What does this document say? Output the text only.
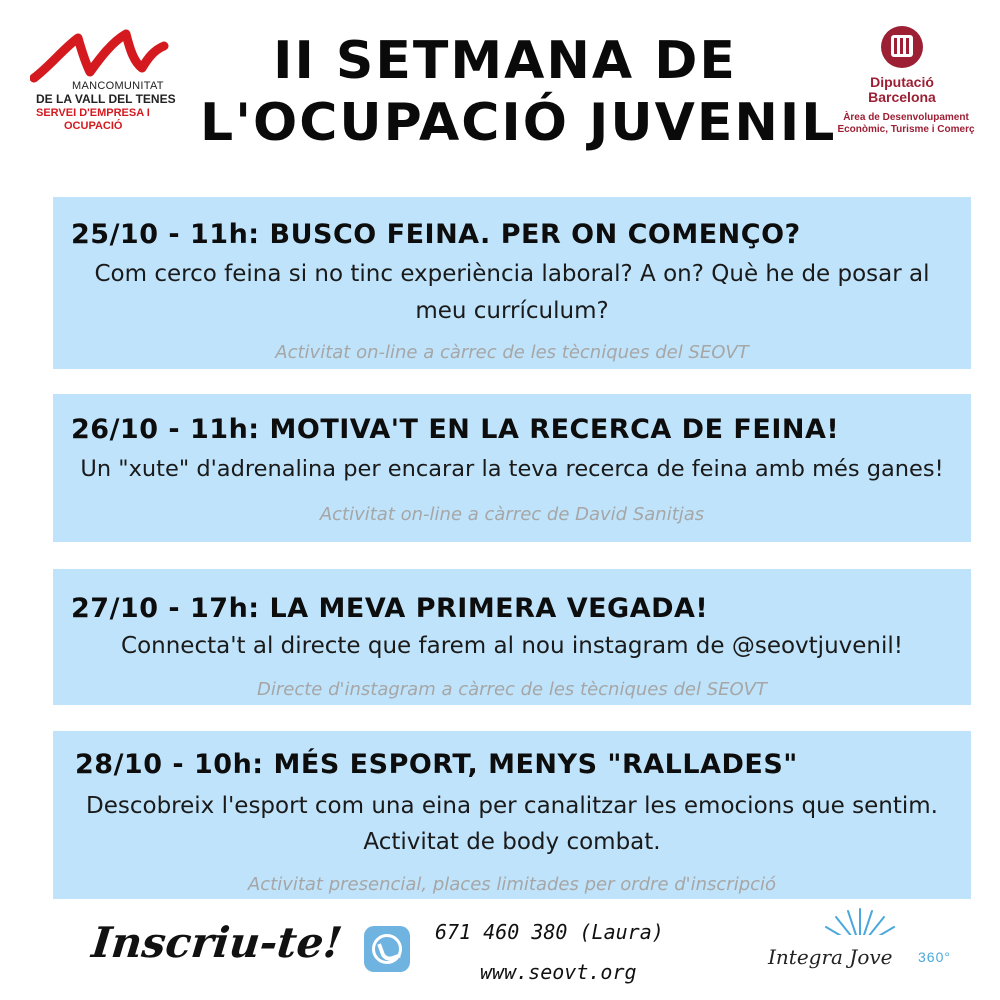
MANCOMUNITAT
DE LA VALL DEL TENES
SERVEI D'EMPRESA I
OCUPACIÓ
II SETMANA DE
L'OCUPACIÓ JUVENIL
Diputació
Barcelona
Àrea de Desenvolupament
Econòmic, Turisme i Comerç
25/10 - 11h: BUSCO FEINA. PER ON COMENÇO?
Com cerco feina si no tinc experiència laboral? A on? Què he de posar al
meu currículum?
Activitat on-line a càrrec de les tècniques del SEOVT
26/10 - 11h: MOTIVA'T EN LA RECERCA DE FEINA!
Un "xute" d'adrenalina per encarar la teva recerca de feina amb més ganes!
Activitat on-line a càrrec de David Sanitjas
27/10 - 17h: LA MEVA PRIMERA VEGADA!
Connecta't al directe que farem al nou instagram de @seovtjuvenil!
Directe d'instagram a càrrec de les tècniques del SEOVT
28/10 - 10h: MÉS ESPORT, MENYS "RALLADES"
Descobreix l'esport com una eina per canalitzar les emocions que sentim.
Activitat de body combat.
Activitat presencial, places limitades per ordre d'inscripció
Inscriu-te!	671 460 380 (Laura)
www.seovt.org
Integra Jove 360°
